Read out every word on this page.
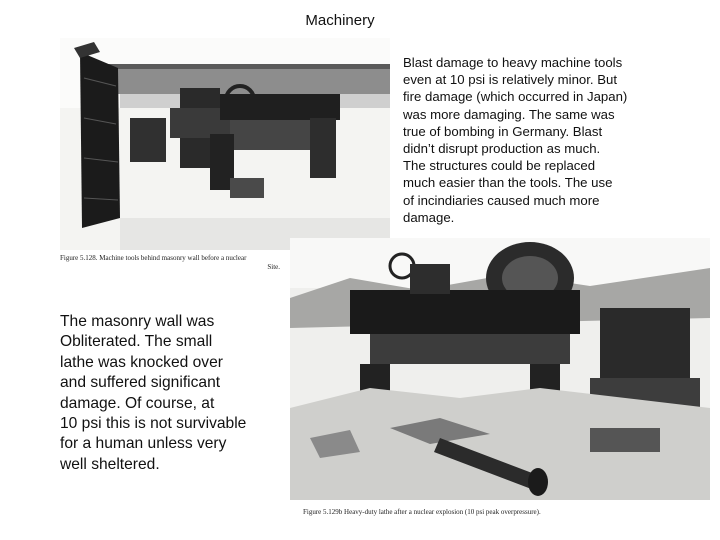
Machinery
Figure 5.128. Machine tools behind masonry wall before a nuclear
Site.
Figure 5.129b Heavy-duty lathe after a nuclear explosion (10 psi peak overpressure).
Blast damage to heavy machine tools
even at 10 psi is relatively minor. But
fire damage (which occurred in Japan)
was more damaging. The same was
true of bombing in Germany. Blast
didn’t disrupt production as much.
The structures could be replaced
much easier than the tools. The use
of incindiaries caused much more
damage.
The masonry wall was
Obliterated. The small
lathe was knocked over
and suffered significant
damage. Of course, at
10 psi this is not survivable
for a human unless very
well sheltered.
